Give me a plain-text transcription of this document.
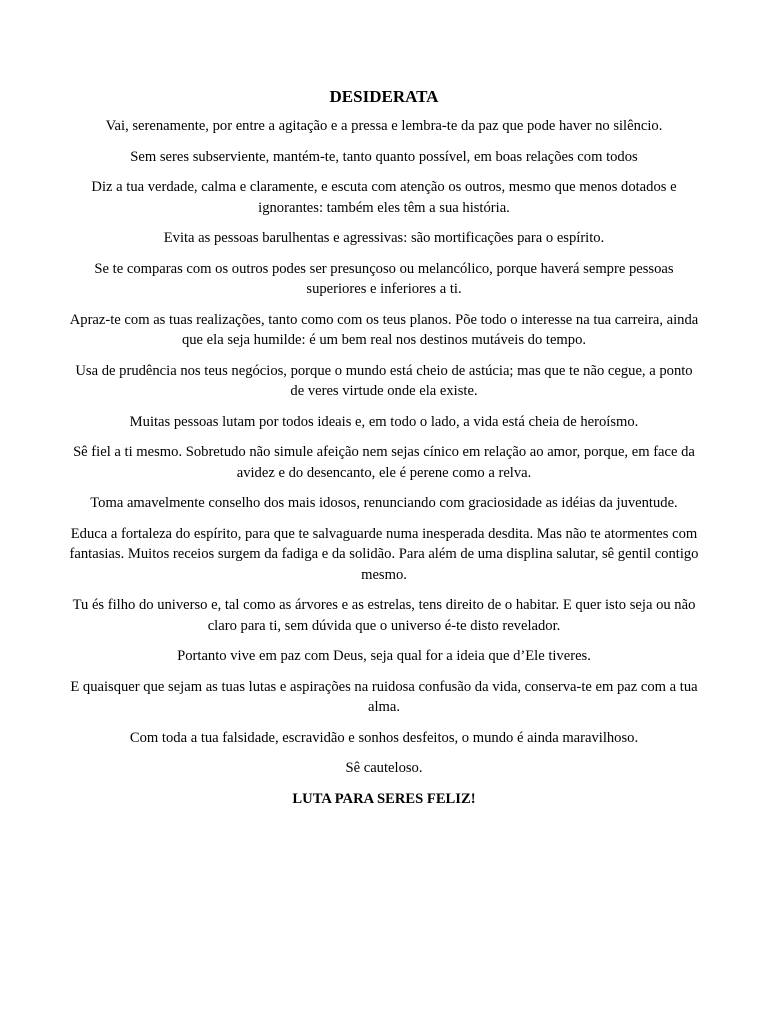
DESIDERATA

Vai, serenamente, por entre a agitação e a pressa e lembra-te da paz que pode haver no silêncio.

Sem seres subserviente, mantém-te, tanto quanto possível, em boas relações com todos

Diz a tua verdade, calma e claramente, e escuta com atenção os outros, mesmo que menos dotados e ignorantes: também eles têm a sua história.

Evita as pessoas barulhentas e agressivas: são mortificações para o espírito.

Se te comparas com os outros podes ser presunçoso ou melancólico, porque haverá sempre pessoas superiores e inferiores a ti.

Apraz-te com as tuas realizações, tanto como com os teus planos. Põe todo o interesse na tua carreira, ainda que ela seja humilde: é um bem real nos destinos mutáveis do tempo.

Usa de prudência nos teus negócios, porque o mundo está cheio de astúcia; mas que te não cegue, a ponto de veres virtude onde ela existe.

Muitas pessoas lutam por todos ideais e, em todo o lado, a vida está cheia de heroísmo.

Sê fiel a ti mesmo. Sobretudo não simule afeição nem sejas cínico em relação ao amor, porque, em face da avidez e do desencanto, ele é perene como a relva.

Toma amavelmente conselho dos mais idosos, renunciando com graciosidade as idéias da juventude.

Educa a fortaleza do espírito, para que te salvaguarde numa inesperada desdita. Mas não te atormentes com fantasias. Muitos receios surgem da fadiga e da solidão. Para além de uma displina salutar, sê gentil contigo mesmo.

Tu és filho do universo e, tal como as árvores e as estrelas, tens direito de o habitar. E quer isto seja ou não claro para ti, sem dúvida que o universo é-te disto revelador.

Portanto vive em paz com Deus, seja qual for a ideia que d’Ele tiveres.

E quaisquer que sejam as tuas lutas e aspirações na ruidosa confusão da vida, conserva-te em paz com a tua alma.

Com toda a tua falsidade, escravidão e sonhos desfeitos, o mundo é ainda maravilhoso.

Sê cauteloso.

LUTA PARA SERES FELIZ!
